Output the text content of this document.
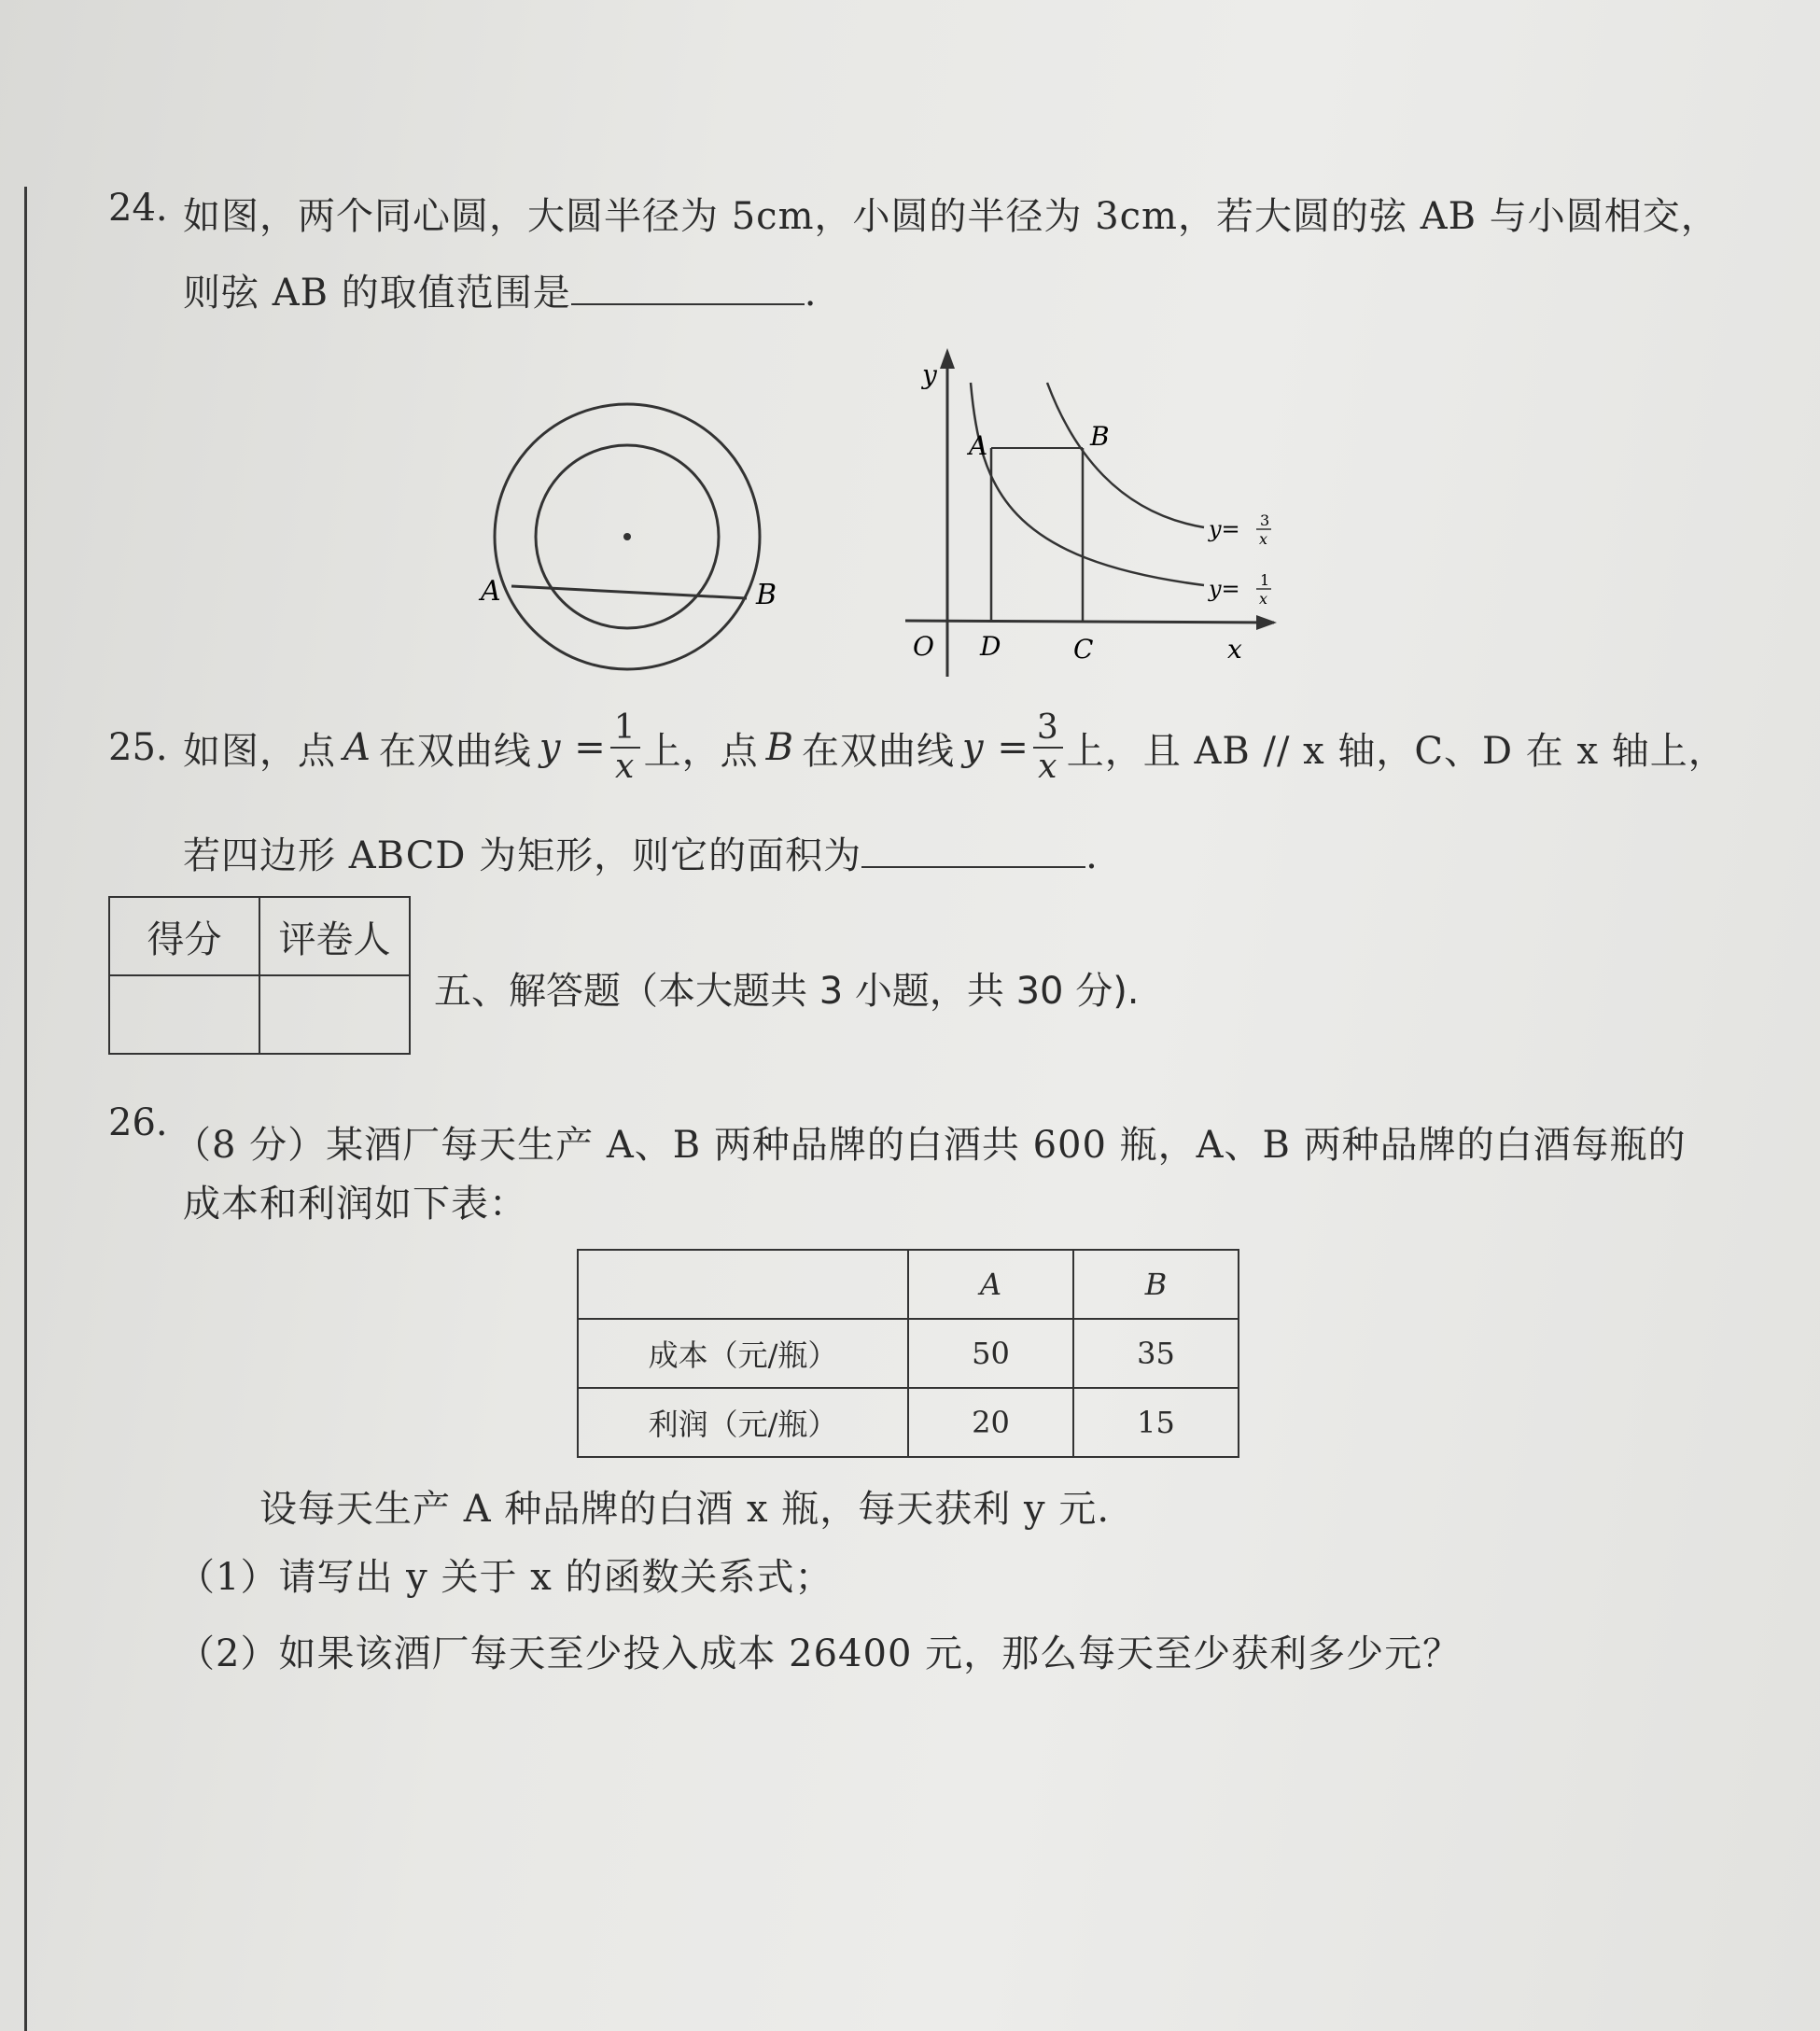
24. 如图，两个同心圆，大圆半径为 5cm，小圆的半径为 3cm，若大圆的弦 AB 与小圆相交，
则弦 AB 的取值范围是	.
A	B
y
A	B
O D	C	x
y= 3
x
y= 1
x
25. 如图，点 A 在双曲线 $y = \frac{1}{x}$ 上，点 B 在双曲线 $y = \frac{3}{x}$ 上，且 AB // x 轴，C、D 在 x 轴上，
若四边形 ABCD 为矩形，则它的面积为	.
得分	评卷人

五、解答题（本大题共 3 小题，共 30 分).
26.
（8 分）某酒厂每天生产 A、B 两种品牌的白酒共 600 瓶，A、B 两种品牌的白酒每瓶的
成本和利润如下表：
	A	B
成本（元/瓶）	50	35
利润（元/瓶）	20	15
设每天生产 A 种品牌的白酒 x 瓶，每天获利 y 元.
（1）请写出 y 关于 x 的函数关系式；
（2）如果该酒厂每天至少投入成本 26400 元，那么每天至少获利多少元？
